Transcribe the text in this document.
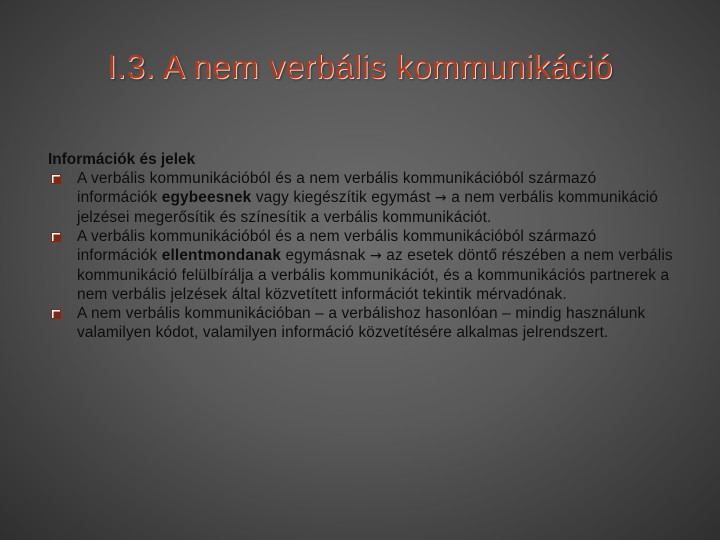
I.3. A nem verbális kommunikáció

Információk és jelek

A verbális kommunikációból és a nem verbális kommunikációból származó információk egybeesnek vagy kiegészítik egymást → a nem verbális kommunikáció jelzései megerősítik és színesítik a verbális kommunikációt.
A verbális kommunikációból és a nem verbális kommunikációból származó információk ellentmondanak egymásnak → az esetek döntő részében a nem verbális kommunikáció felülbírálja a verbális kommunikációt, és a kommunikációs partnerek a nem verbális jelzések által közvetített információt tekintik mérvadónak.
A nem verbális kommunikációban – a verbálishoz hasonlóan – mindig használunk valamilyen kódot, valamilyen információ közvetítésére alkalmas jelrendszert.
